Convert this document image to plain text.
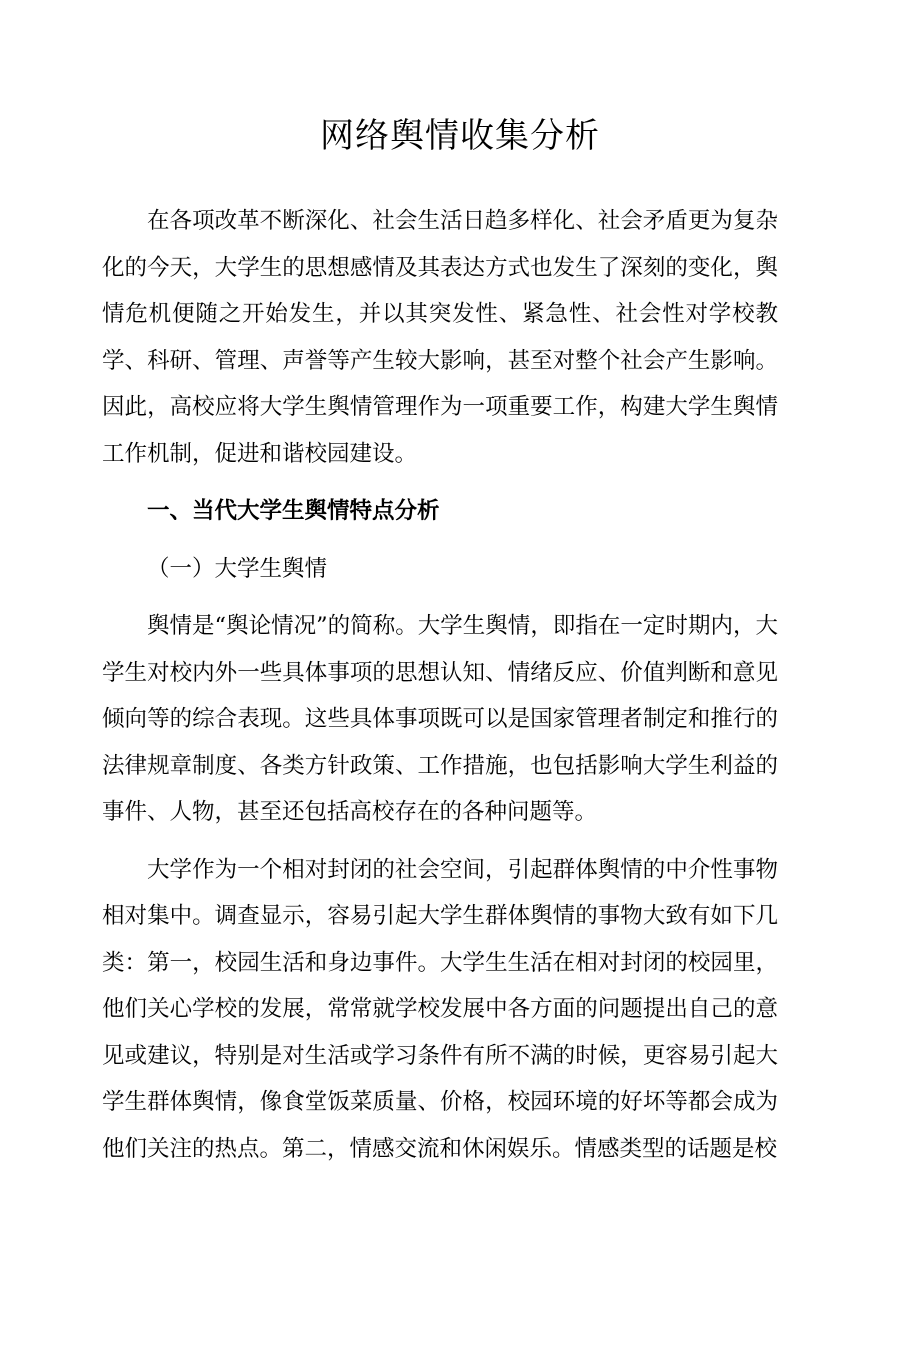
网络舆情收集分析

在各项改革不断深化、社会生活日趋多样化、社会矛盾更为复杂化的今天，大学生的思想感情及其表达方式也发生了深刻的变化，舆情危机便随之开始发生，并以其突发性、紧急性、社会性对学校教学、科研、管理、声誉等产生较大影响，甚至对整个社会产生影响。因此，高校应将大学生舆情管理作为一项重要工作，构建大学生舆情工作机制，促进和谐校园建设。

一、当代大学生舆情特点分析
（一）大学生舆情

舆情是“舆论情况”的简称。大学生舆情，即指在一定时期内，大学生对校内外一些具体事项的思想认知、情绪反应、价值判断和意见倾向等的综合表现。这些具体事项既可以是国家管理者制定和推行的法律规章制度、各类方针政策、工作措施，也包括影响大学生利益的事件、人物，甚至还包括高校存在的各种问题等。

大学作为一个相对封闭的社会空间，引起群体舆情的中介性事物相对集中。调查显示，容易引起大学生群体舆情的事物大致有如下几类：第一，校园生活和身边事件。大学生生活在相对封闭的校园里，他们关心学校的发展，常常就学校发展中各方面的问题提出自己的意见或建议，特别是对生活或学习条件有所不满的时候，更容易引起大学生群体舆情，像食堂饭菜质量、价格，校园环境的好坏等都会成为他们关注的热点。第二，情感交流和休闲娱乐。情感类型的话题是校
